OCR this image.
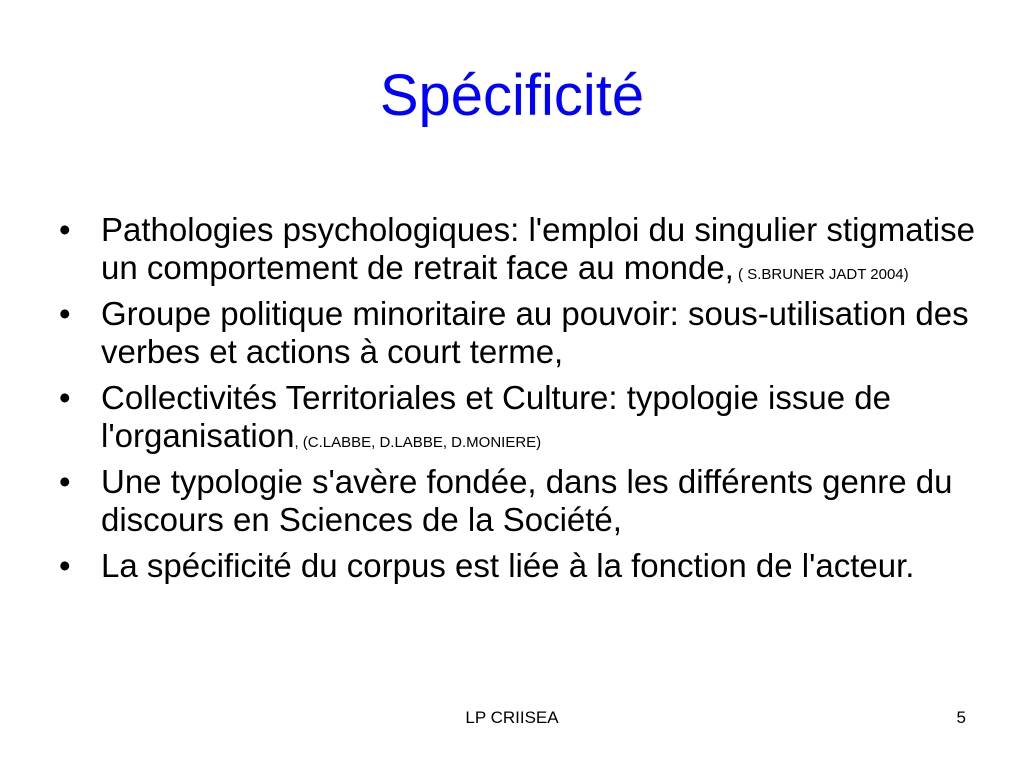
Spécificité
• Pathologies psychologiques: l'emploi du singulier stigmatise un comportement de retrait face au monde, ( S.BRUNER JADT 2004)
• Groupe politique minoritaire au pouvoir: sous-utilisation des verbes et actions à court terme,
• Collectivités Territoriales et Culture: typologie issue de l'organisation, (C.LABBE, D.LABBE, D.MONIERE)
• Une typologie s'avère fondée, dans les différents genre du discours en Sciences de la Société,
• La spécificité du corpus est liée à la fonction de l'acteur.
LP CRIISEA	5
